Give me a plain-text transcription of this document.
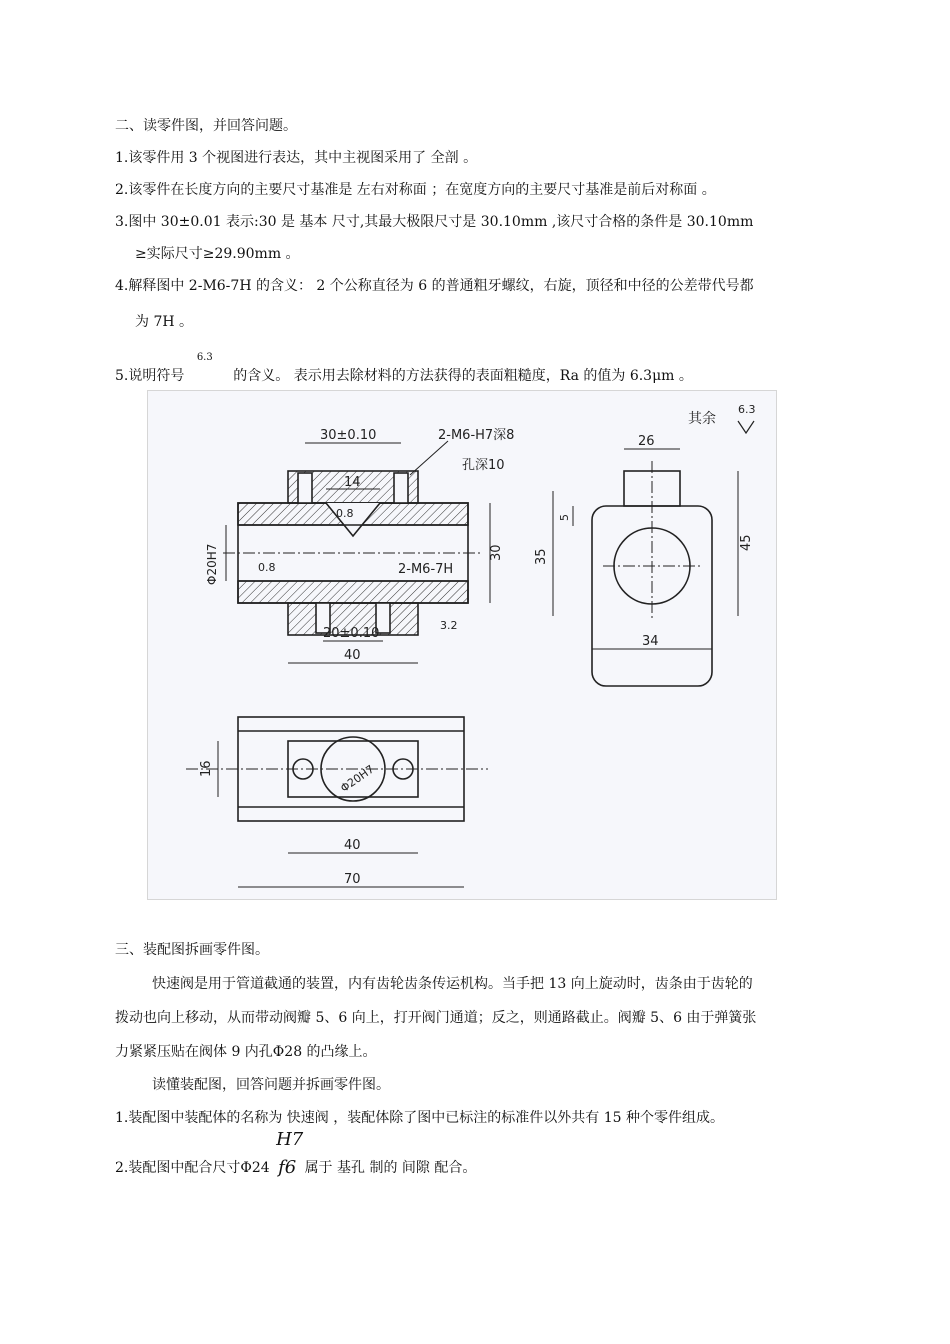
二、读零件图，并回答问题。
1.该零件用 3 个视图进行表达，其中主视图采用了 全剖 。
2.该零件在长度方向的主要尺寸基准是 左右对称面 ；在宽度方向的主要尺寸基准是前后对称面 。
3.图中 30±0.01 表示:30 是 基本 尺寸,其最大极限尺寸是 30.10mm ,该尺寸合格的条件是 30.10mm
≥实际尺寸≥29.90mm 。
4.解释图中 2-M6-7H 的含义： 2 个公称直径为 6 的普通粗牙螺纹，右旋，顶径和中径的公差带代号都
为 7H 。
5.说明符号
6.3
的含义。 表示用去除材料的方法获得的表面粗糙度，Ra 的值为 6.3μm 。
其余
6.3
30±0.10	2-M6-H7深8
孔深10
14
0.8
Φ20H7	0.8	2-M6-7H
30
20±0.10
3.2
40
26
5
35
45
34
16	Φ20H7
40
70
三、装配图拆画零件图。
快速阀是用于管道截通的装置，内有齿轮齿条传运机构。当手把 13 向上旋动时，齿条由于齿轮的
拨动也向上移动，从而带动阀瓣 5、6 向上，打开阀门通道；反之，则通路截止。阀瓣 5、6 由于弹簧张
力紧紧压贴在阀体 9 内孔Φ28 的凸缘上。
读懂装配图，回答问题并拆画零件图。
1.装配图中装配体的名称为 快速阀 ，装配体除了图中已标注的标准件以外共有 15 种个零件组成。
2.装配图中配合尺寸Φ24
H7
f6 属于 基孔 制的 间隙 配合。
